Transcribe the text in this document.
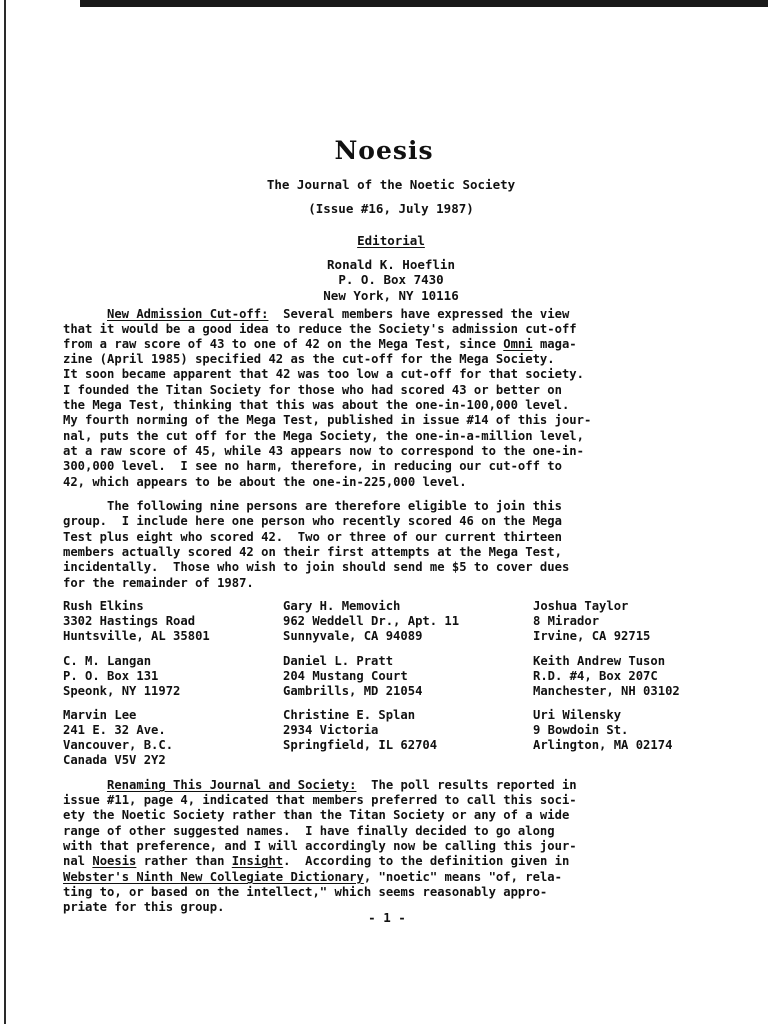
Noesis
The Journal of the Noetic Society
(Issue #16, July 1987)
Editorial
Ronald K. Hoeflin
P. O. Box 7430
New York, NY 10116
New Admission Cut-off: Several members have expressed the view
that it would be a good idea to reduce the Society's admission cut-off
from a raw score of 43 to one of 42 on the Mega Test, since Omni maga-
zine (April 1985) specified 42 as the cut-off for the Mega Society.
It soon became apparent that 42 was too low a cut-off for that society.
I founded the Titan Society for those who had scored 43 or better on
the Mega Test, thinking that this was about the one-in-100,000 level.
My fourth norming of the Mega Test, published in issue #14 of this jour-
nal, puts the cut off for the Mega Society, the one-in-a-million level,
at a raw score of 45, while 43 appears now to correspond to the one-in-
300,000 level.  I see no harm, therefore, in reducing our cut-off to
42, which appears to be about the one-in-225,000 level.
The following nine persons are therefore eligible to join this
group.  I include here one person who recently scored 46 on the Mega
Test plus eight who scored 42.  Two or three of our current thirteen
members actually scored 42 on their first attempts at the Mega Test,
incidentally.  Those who wish to join should send me $5 to cover dues
for the remainder of 1987.
Rush Elkins
3302 Hastings Road
Huntsville, AL 35801
Gary H. Memovich
962 Weddell Dr., Apt. 11
Sunnyvale, CA 94089
Joshua Taylor
8 Mirador
Irvine, CA 92715
C. M. Langan
P. O. Box 131
Speonk, NY 11972
Daniel L. Pratt
204 Mustang Court
Gambrills, MD 21054
Keith Andrew Tuson
R.D. #4, Box 207C
Manchester, NH 03102
Marvin Lee
241 E. 32 Ave.
Vancouver, B.C.
Canada V5V 2Y2
Christine E. Splan
2934 Victoria
Springfield, IL 62704
Uri Wilensky
9 Bowdoin St.
Arlington, MA 02174
Renaming This Journal and Society: The poll results reported in
issue #11, page 4, indicated that members preferred to call this soci-
ety the Noetic Society rather than the Titan Society or any of a wide
range of other suggested names.  I have finally decided to go along
with that preference, and I will accordingly now be calling this jour-
nal Noesis rather than Insight.  According to the definition given in
Webster's Ninth New Collegiate Dictionary, "noetic" means "of, rela-
ting to, or based on the intellect," which seems reasonably appro-
priate for this group.
- 1 -
